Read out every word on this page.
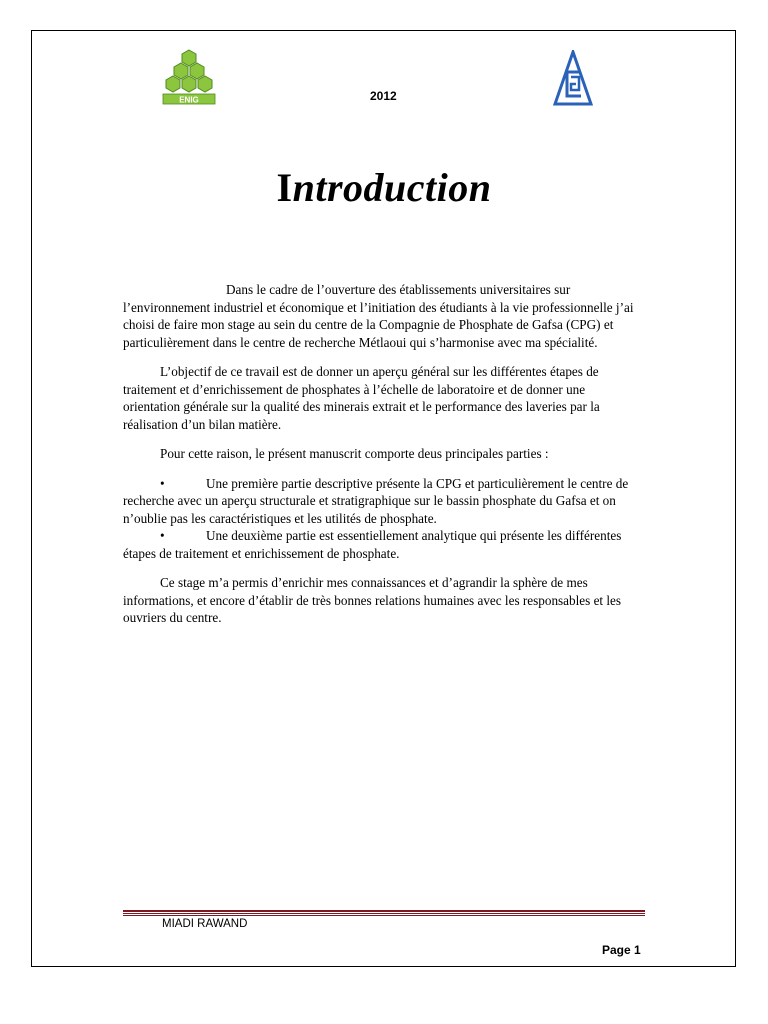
ENIG	2012
Introduction

Dans le cadre de l’ouverture des établissements universitaires sur l’environnement industriel et économique et l’initiation des étudiants à la vie professionnelle j’ai choisi de faire mon stage au sein du centre de la Compagnie de Phosphate de Gafsa (CPG) et particulièrement dans le centre de recherche Métlaoui qui s’harmonise avec ma spécialité.

L’objectif de ce travail est de donner un aperçu général sur les différentes étapes de traitement et d’enrichissement de phosphates à l’échelle de laboratoire et de donner une orientation générale sur la qualité des minerais extrait et le performance des laveries par la réalisation d’un bilan matière.

Pour cette raison, le présent manuscrit comporte deus principales parties :

•	Une première partie descriptive présente la CPG et particulièrement le centre de recherche avec un aperçu structurale et stratigraphique sur le bassin phosphate du Gafsa et on n’oublie pas les caractéristiques et les utilités de phosphate.
•	Une deuxième partie est essentiellement analytique qui présente les différentes étapes de traitement et enrichissement de phosphate.

Ce stage m’a permis d’enrichir mes connaissances et d’agrandir la sphère de mes informations, et encore d’établir de très bonnes relations humaines avec les responsables et les ouvriers du centre.

MIADI RAWAND
Page 1
